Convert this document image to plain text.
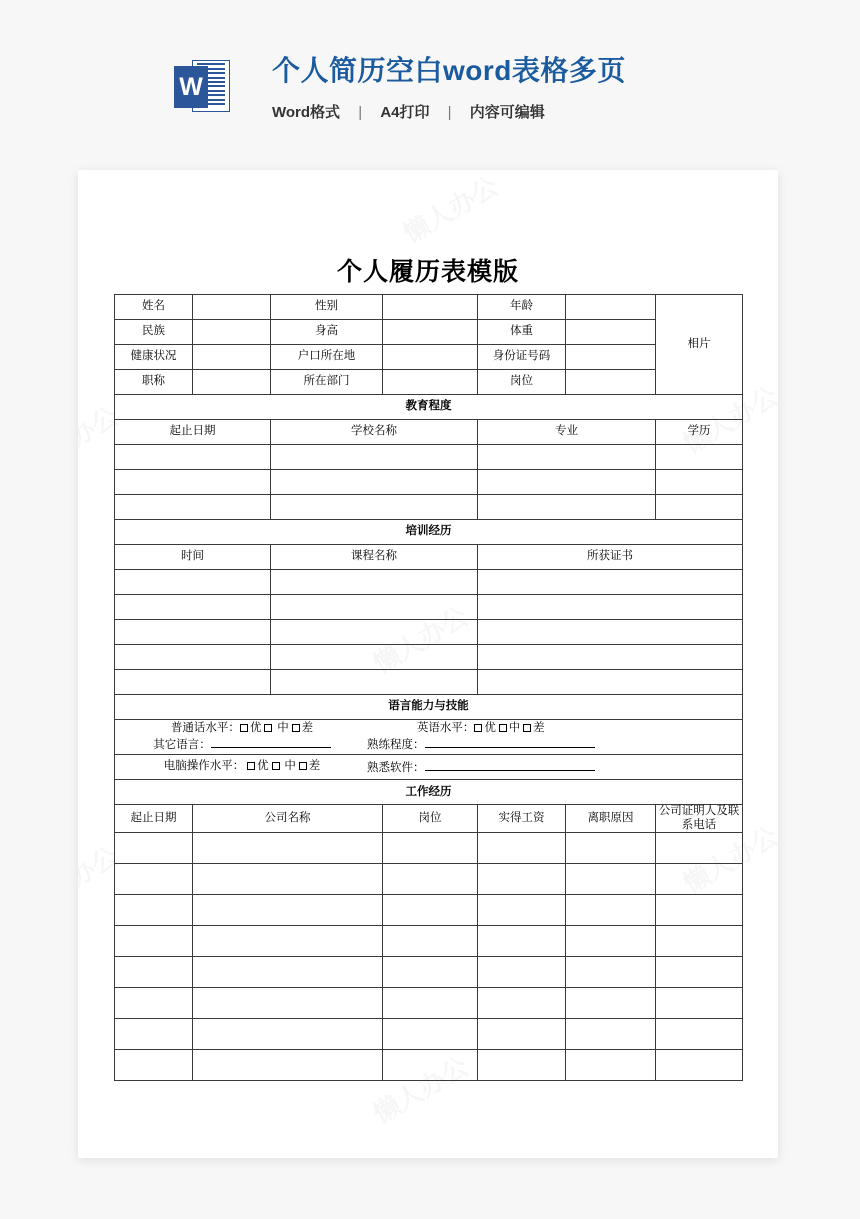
W
个人简历空白word表格多页
Word格式 | A4打印 | 内容可编辑
个人履历表模版
姓名		性别		年龄		相片
民族		身高		体重		
健康状况		户口所在地		身份证号码		
职称		所在部门		岗位		
教育程度						
起止日期		学校名称		专业		学历

培训经历						
时间		课程名称		所获证书		

语言能力与技能						

普通话水平： 优 中 差
其它语言：
英语水平： 优 中 差
熟练程度：						

电脑操作水平： 优 中 差 熟悉软件：						

工作经历						
起止日期	公司名称		岗位	实得工资	离职原因	公司证明人及联系电话
